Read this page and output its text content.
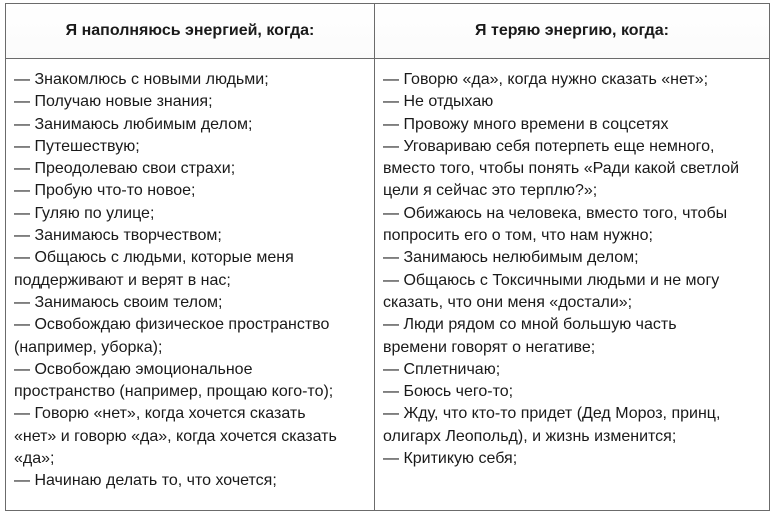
Я наполняюсь энергией, когда:	Я теряю энергию, когда:
— Знакомлюсь с новыми людьми;
— Получаю новые знания;
— Занимаюсь любимым делом;
— Путешествую;
— Преодолеваю свои страхи;
— Пробую что-то новое;
— Гуляю по улице;
— Занимаюсь творчеством;
— Общаюсь с людьми, которые меня
поддерживают и верят в нас;
— Занимаюсь своим телом;
— Освобождаю физическое пространство
(например, уборка);
— Освобождаю эмоциональное
пространство (например, прощаю кого-то);
— Говорю «нет», когда хочется сказать
«нет» и говорю «да», когда хочется сказать
«да»;
— Начинаю делать то, что хочется;
— Говорю «да», когда нужно сказать «нет»;
— Не отдыхаю
— Провожу много времени в соцсетях
— Уговариваю себя потерпеть еще немного,
вместо того, чтобы понять «Ради какой светлой
цели я сейчас это терплю?»;
— Обижаюсь на человека, вместо того, чтобы
попросить его о том, что нам нужно;
— Занимаюсь нелюбимым делом;
— Общаюсь с Токсичными людьми и не могу
сказать, что они меня «достали»;
— Люди рядом со мной большую часть
времени говорят о негативе;
— Сплетничаю;
— Боюсь чего-то;
— Жду, что кто-то придет (Дед Мороз, принц,
олигарх Леопольд), и жизнь изменится;
— Критикую себя;
